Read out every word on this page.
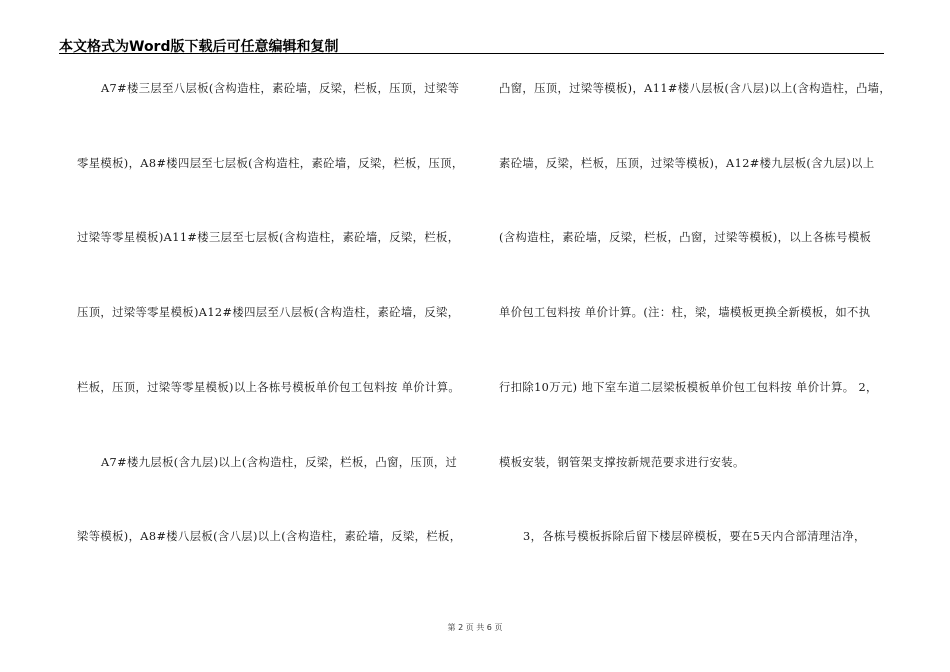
本文格式为Word版下载后可任意编辑和复制
A7#楼三层至八层板(含构造柱，素砼墙，反梁，栏板，压顶，过梁等
零星模板)，A8#楼四层至七层板(含构造柱，素砼墙，反梁，栏板，压顶，
过梁等零星模板)A11#楼三层至七层板(含构造柱，素砼墙，反梁，栏板，
压顶，过梁等零星模板)A12#楼四层至八层板(含构造柱，素砼墙，反梁，
栏板，压顶，过梁等零星模板)以上各栋号模板单价包工包料按 单价计算。
A7#楼九层板(含九层)以上(含构造柱，反梁，栏板，凸窗，压顶，过
梁等模板)，A8#楼八层板(含八层)以上(含构造柱，素砼墙，反梁，栏板，
凸窗，压顶，过梁等模板)，A11#楼八层板(含八层)以上(含构造柱，凸墙，
素砼墙，反梁，栏板，压顶，过梁等模板)，A12#楼九层板(含九层)以上
(含构造柱，素砼墙，反梁，栏板，凸窗，过梁等模板)，以上各栋号模板
单价包工包料按 单价计算。(注：柱，梁，墙模板更换全新模板，如不执
行扣除10万元) 地下室车道二层梁板模板单价包工包料按 单价计算。 2，
模板安装，钢管架支撑按新规范要求进行安装。
3，各栋号模板拆除后留下楼层碎模板，要在5天内合部清理洁净，
第 2 页 共 6 页
